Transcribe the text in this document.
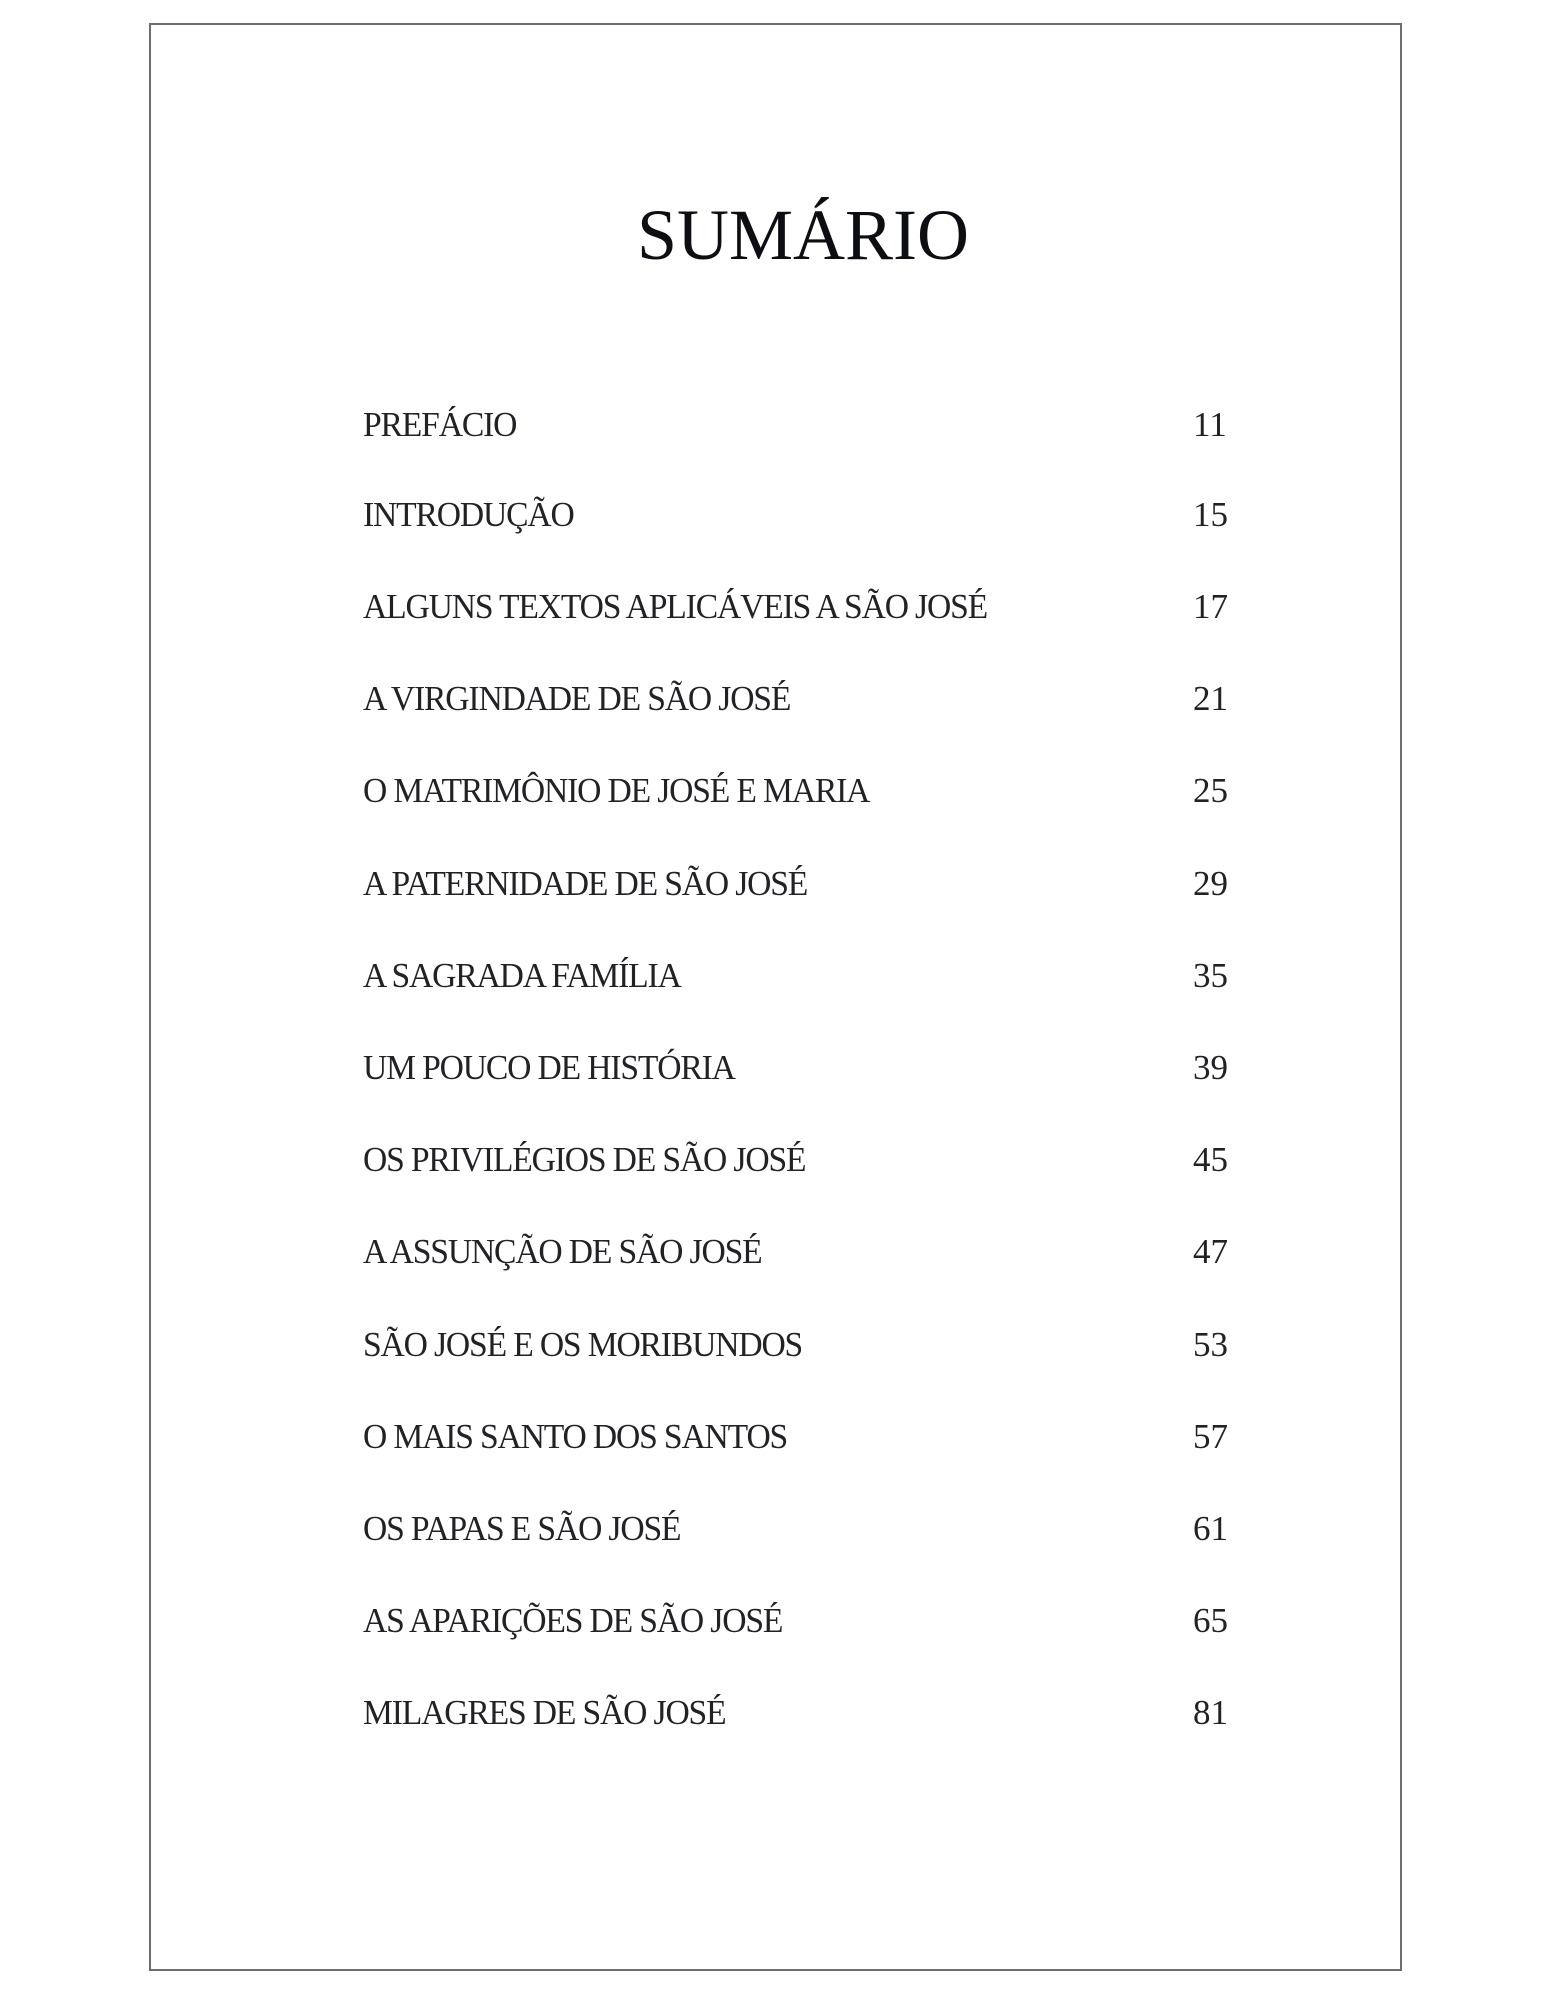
SUMÁRIO
PREFÁCIO	11
INTRODUÇÃO	15
ALGUNS TEXTOS APLICÁVEIS A SÃO JOSÉ	17
A VIRGINDADE DE SÃO JOSÉ	21
O MATRIMÔNIO DE JOSÉ E MARIA	25
A PATERNIDADE DE SÃO JOSÉ	29
A SAGRADA FAMÍLIA	35
UM POUCO DE HISTÓRIA	39
OS PRIVILÉGIOS DE SÃO JOSÉ	45
A ASSUNÇÃO DE SÃO JOSÉ	47
SÃO JOSÉ E OS MORIBUNDOS	53
O MAIS SANTO DOS SANTOS	57
OS PAPAS E SÃO JOSÉ	61
AS APARIÇÕES DE SÃO JOSÉ	65
MILAGRES DE SÃO JOSÉ	81
